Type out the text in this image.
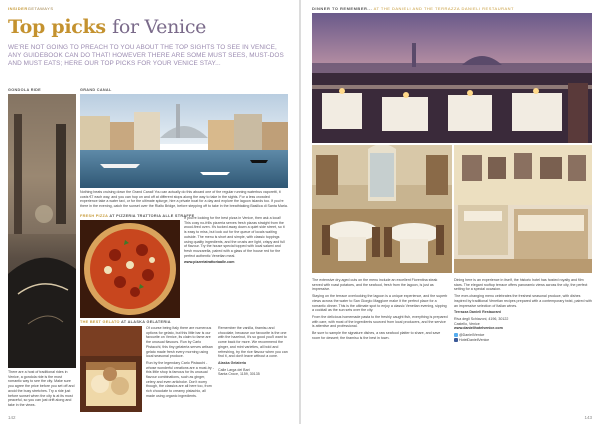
INSIDERGETAWAYS
Top picks for Venice
WE'RE NOT GOING TO PREACH TO YOU ABOUT THE TOP SIGHTS TO SEE IN VENICE, ANY GUIDEBOOK CAN DO THAT! HOWEVER THERE ARE SOME MUST SEES, MUST-DOS AND MUST EATS; HERE OUR TOP PICKS FOR YOUR VENICE STAY...
GONDOLA RIDE	GRAND CANAL

Nothing beats cruising down the Grand Canal! You can actually do this aboard one of the regular running waterbus vaporetti, it costs €7 each way, and you can hop on and off at different stops along the way to take in the sights. For a less crowded experience take a water taxi, or for the ultimate splurge, hire a private boat for a day and explore the lagoon islands too. If you're there in the evening, catch the sunset over the Rialto Bridge, before stepping off to take in the breathtaking Basilica di Santa Maria.

FRESH PIZZA AT PIZZERIA TRATTORIA ALLE STRAFFE

If you're looking for the best pizza in Venice, then ask a local! This cosy no-frills pizzeria serves fresh pizzas straight from the wood-fired oven. It's tucked away down a quiet side street, so it is easy to miss, but look out for the queue of locals waiting outside. The menu is short and simple, with classic toppings using quality ingredients, and the crusts are light, crispy and full of flavour. Try the house special topped with local salami and fresh mozzarella, paired with a glass of the house red for the perfect authentic Venetian meal.

www.pizzeriatrattoriaalle.com

THE BEST GELATO AT ALASKA GELATERIA

Of course being Italy there are numerous options for gelato, but this little bar is our favourite on Venice, its claim to fame are the unusual flavours. Run by Carlo Pistacchi, this tiny gelateria serves artisan gelato made fresh every morning using local seasonal produce.

Run by the legendary Carlo Pistacchi - whose wonderful creations are a must-try - this little shop is famous for its unusual flavour combinations, such as ginger, celery and even artichoke. Don't worry though, the classics are all here too, from rich chocolate to creamy pistachio, all made using organic ingredients.

Remember the vanilla, tiramisu and chocolate, because our favourite is the one with the hazelnut, it's so good you'll want to come back for more. We recommend the ginger, and mint varieties, all bold and refreshing, try the rice flavour when you can find it, and don't leave without a cone.

Alaska Gelateria

Calle Larga dei Bari

Santa Croce, 1159, 30135

There are a host of traditional rides in Venice, a gondola ride is the most romantic way to see the city. Make sure you agree the price before you set off and avoid the busy stretches. Try a ride just before sunset when the city is at its most peaceful, so you can just drift along and take in the views.

142
DINNER TO REMEMBER... AT THE DANIELI AND THE TERRAZZA DANIELI RESTAURANT

The extensive dry-aged cuts on the menu include an excellent Fiorentina steak served with roast potatoes, and the seafood, fresh from the lagoon, is just as impressive.

Staying on the terrace overlooking the lagoon is a unique experience, and the superb views across the water to San Giorgio Maggiore make it the perfect place for a romantic dinner. This is the ultimate spot to enjoy a classic Venetian evening, sipping a cocktail as the sun sets over the city.

From the delicious homemade pasta to the freshly caught fish, everything is prepared with care, with most of the ingredients sourced from local producers, and the service is attentive and professional.

Be sure to sample the signature dishes, a raw seafood platter to share, and save room for dessert; the tiramisu is the best in town.

Dining here is an experience in itself, the historic hotel has hosted royalty and film stars. The elegant rooftop terrace offers panoramic views across the city, the perfect setting for a special occasion.

The ever-changing menu celebrates the freshest seasonal produce, with dishes inspired by traditional Venetian recipes prepared with a contemporary twist, paired with an impressive selection of Italian wines.

Terrazza Danieli Restaurant

Riva degli Schiavoni, 4196, 30122

Castello, Venice

www.danielihotelvenice.com

@DanieliVenice

HotelDanieliVenice

143
